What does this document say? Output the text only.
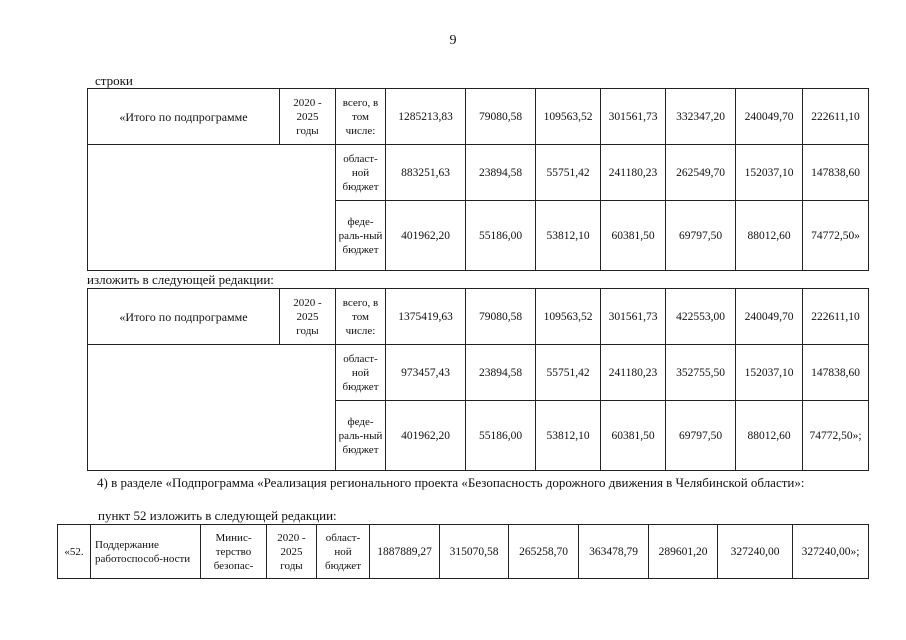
9
строки
«Итого по подпрограмме
2020 - 2025 годы
всего, в том числе:
1285213,83	79080,58	109563,52	301561,73	332347,20	240049,70	222611,10
област-ной бюджет
883251,63	23894,58	55751,42	241180,23	262549,70	152037,10	147838,60
феде-раль-ный бюджет
401962,20	55186,00	53812,10	60381,50	69797,50	88012,60	74772,50»
изложить в следующей редакции:
«Итого по подпрограмме
2020 - 2025 годы
всего, в том числе:
1375419,63	79080,58	109563,52	301561,73	422553,00	240049,70	222611,10
област-ной бюджет
973457,43	23894,58	55751,42	241180,23	352755,50	152037,10	147838,60
феде-раль-ный бюджет
401962,20	55186,00	53812,10	60381,50	69797,50	88012,60	74772,50»;
4) в разделе «Подпрограмма «Реализация регионального проекта «Безопасность дорожного движения в Челябинской области»:
пункт 52 изложить в следующей редакции:
«52.
Поддержание работоспособ-ности
Минис-терство безопас-
2020 - 2025 годы
област-ной бюджет
1887889,27	315070,58	265258,70	363478,79	289601,20	327240,00	327240,00»;
